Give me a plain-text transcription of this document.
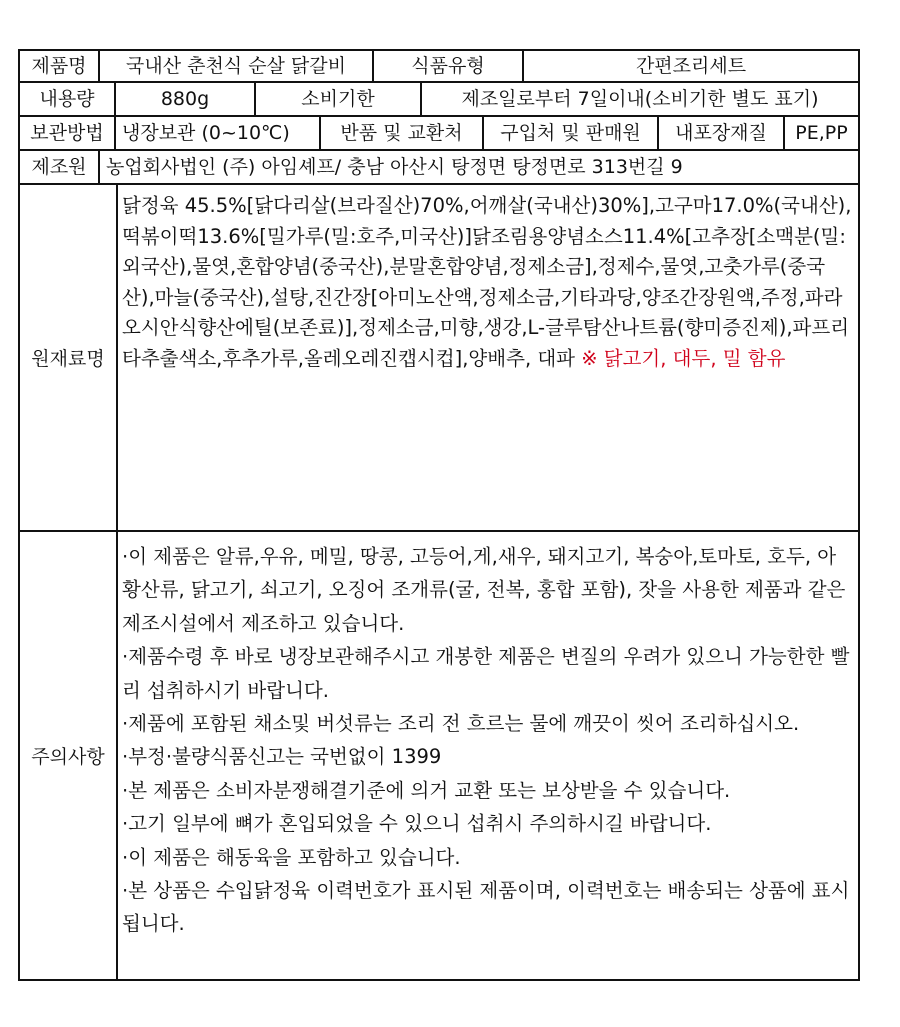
제품명	국내산 춘천식 순살 닭갈비	식품유형	간편조리세트
내용량	880g	소비기한	제조일로부터 7일이내(소비기한 별도 표기)
보관방법 냉장보관 (0~10℃)	반품 및 교환처	구입처 및 판매원	내포장재질	PE,PP
제조원	농업회사법인 (주) 아임셰프/ 충남 아산시 탕정면 탕정면로 313번길 9
원재료명
닭정육 45.5%[닭다리살(브라질산)70%,어깨살(국내산)30%],고구마17.0%(국내산), 떡볶이떡13.6%[밀가루(밀:호주,미국산)]닭조림용양념소스11.4%[고추장[소맥분(밀:외국산),물엿,혼합양념(중국산),분말혼합양념,정제소금],정제수,물엿,고춧가루(중국산),마늘(중국산),설탕,진간장[아미노산액,정제소금,기타과당,양조간장원액,주정,파라오시안식향산에틸(보존료)],정제소금,미향,생강,L-글루탐산나트륨(향미증진제),파프리타추출색소,후추가루,올레오레진캡시컵],양배추, 대파 ※ 닭고기, 대두, 밀 함유
주의사항
·이 제품은 알류,우유, 메밀, 땅콩, 고등어,게,새우, 돼지고기, 복숭아,토마토, 호두, 아황산류, 닭고기, 쇠고기, 오징어 조개류(굴, 전복, 홍합 포함), 잣을 사용한 제품과 같은 제조시설에서 제조하고 있습니다.
·제품수령 후 바로 냉장보관해주시고 개봉한 제품은 변질의 우려가 있으니 가능한한 빨리 섭취하시기 바랍니다.
·제품에 포함된 채소및 버섯류는 조리 전 흐르는 물에 깨끗이 씻어 조리하십시오.
·부정·불량식품신고는 국번없이 1399
·본 제품은 소비자분쟁해결기준에 의거 교환 또는 보상받을 수 있습니다.
·고기 일부에 뼈가 혼입되었을 수 있으니 섭취시 주의하시길 바랍니다.
·이 제품은 해동육을 포함하고 있습니다.
·본 상품은 수입닭정육 이력번호가 표시된 제품이며, 이력번호는 배송되는 상품에 표시됩니다.
